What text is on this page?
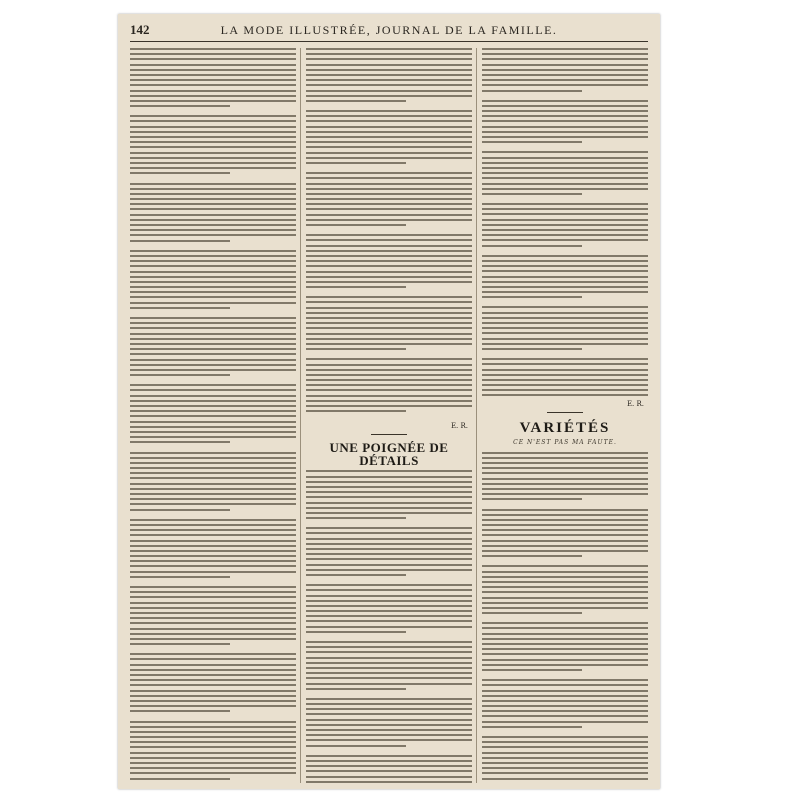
142	LA MODE ILLUSTRÉE, JOURNAL DE LA FAMILLE.
E. R.
UNE POIGNÉE DE DÉTAILS
E. R.
VARIÉTÉS
CE N'EST PAS MA FAUTE.
